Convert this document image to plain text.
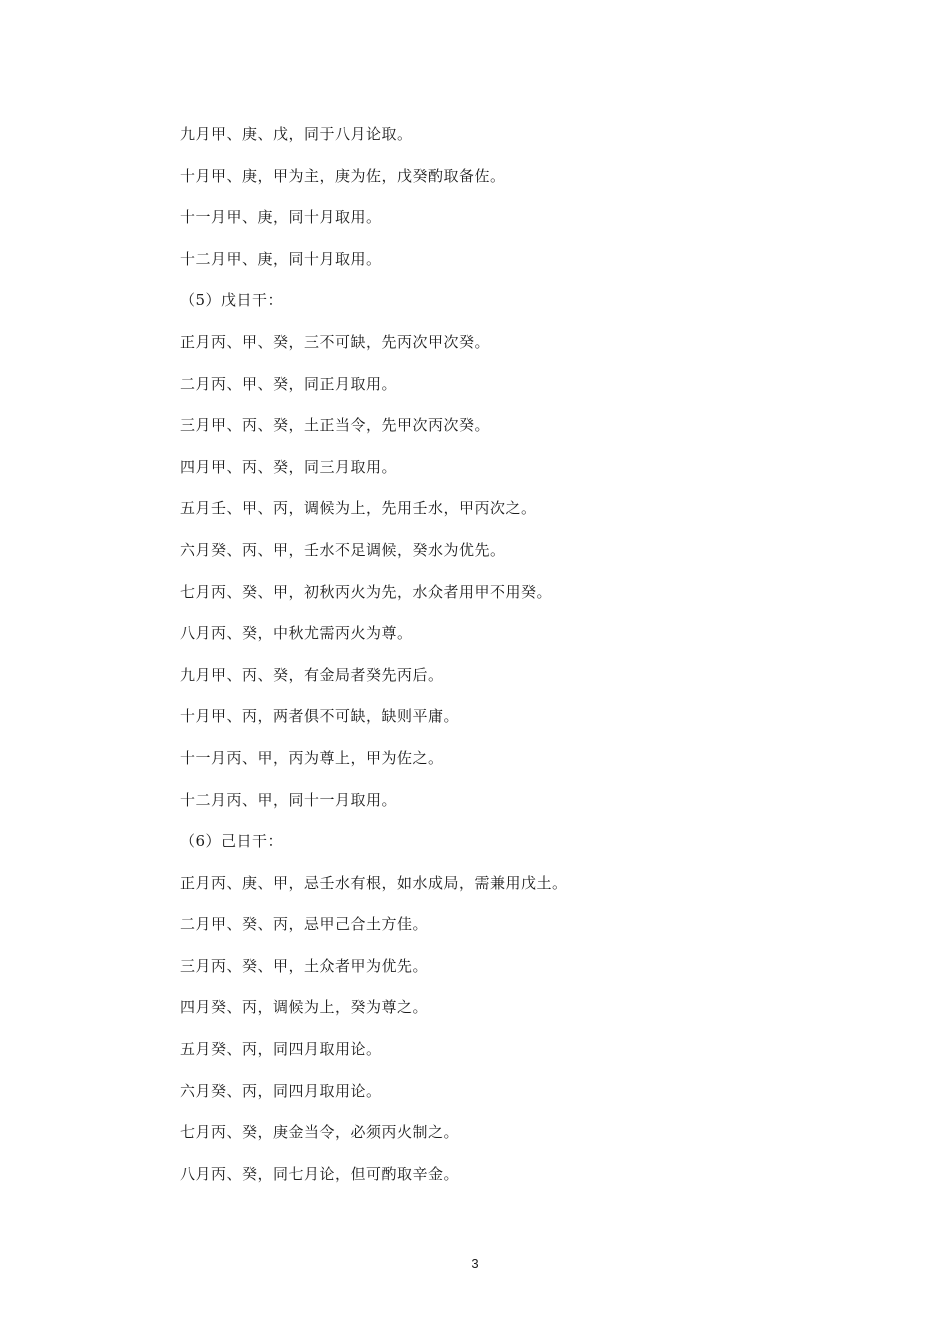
九月甲、庚、戊，同于八月论取。
十月甲、庚，甲为主，庚为佐，戊癸酌取备佐。
十一月甲、庚，同十月取用。
十二月甲、庚，同十月取用。
（5）戊日干：
正月丙、甲、癸，三不可缺，先丙次甲次癸。
二月丙、甲、癸，同正月取用。
三月甲、丙、癸，土正当令，先甲次丙次癸。
四月甲、丙、癸，同三月取用。
五月壬、甲、丙，调候为上，先用壬水，甲丙次之。
六月癸、丙、甲，壬水不足调候，癸水为优先。
七月丙、癸、甲，初秋丙火为先，水众者用甲不用癸。
八月丙、癸，中秋尤需丙火为尊。
九月甲、丙、癸，有金局者癸先丙后。
十月甲、丙，两者俱不可缺，缺则平庸。
十一月丙、甲，丙为尊上，甲为佐之。
十二月丙、甲，同十一月取用。
（6）己日干：
正月丙、庚、甲，忌壬水有根，如水成局，需兼用戊土。
二月甲、癸、丙，忌甲己合土方佳。
三月丙、癸、甲，土众者甲为优先。
四月癸、丙，调候为上，癸为尊之。
五月癸、丙，同四月取用论。
六月癸、丙，同四月取用论。
七月丙、癸，庚金当令，必须丙火制之。
八月丙、癸，同七月论，但可酌取辛金。
3
